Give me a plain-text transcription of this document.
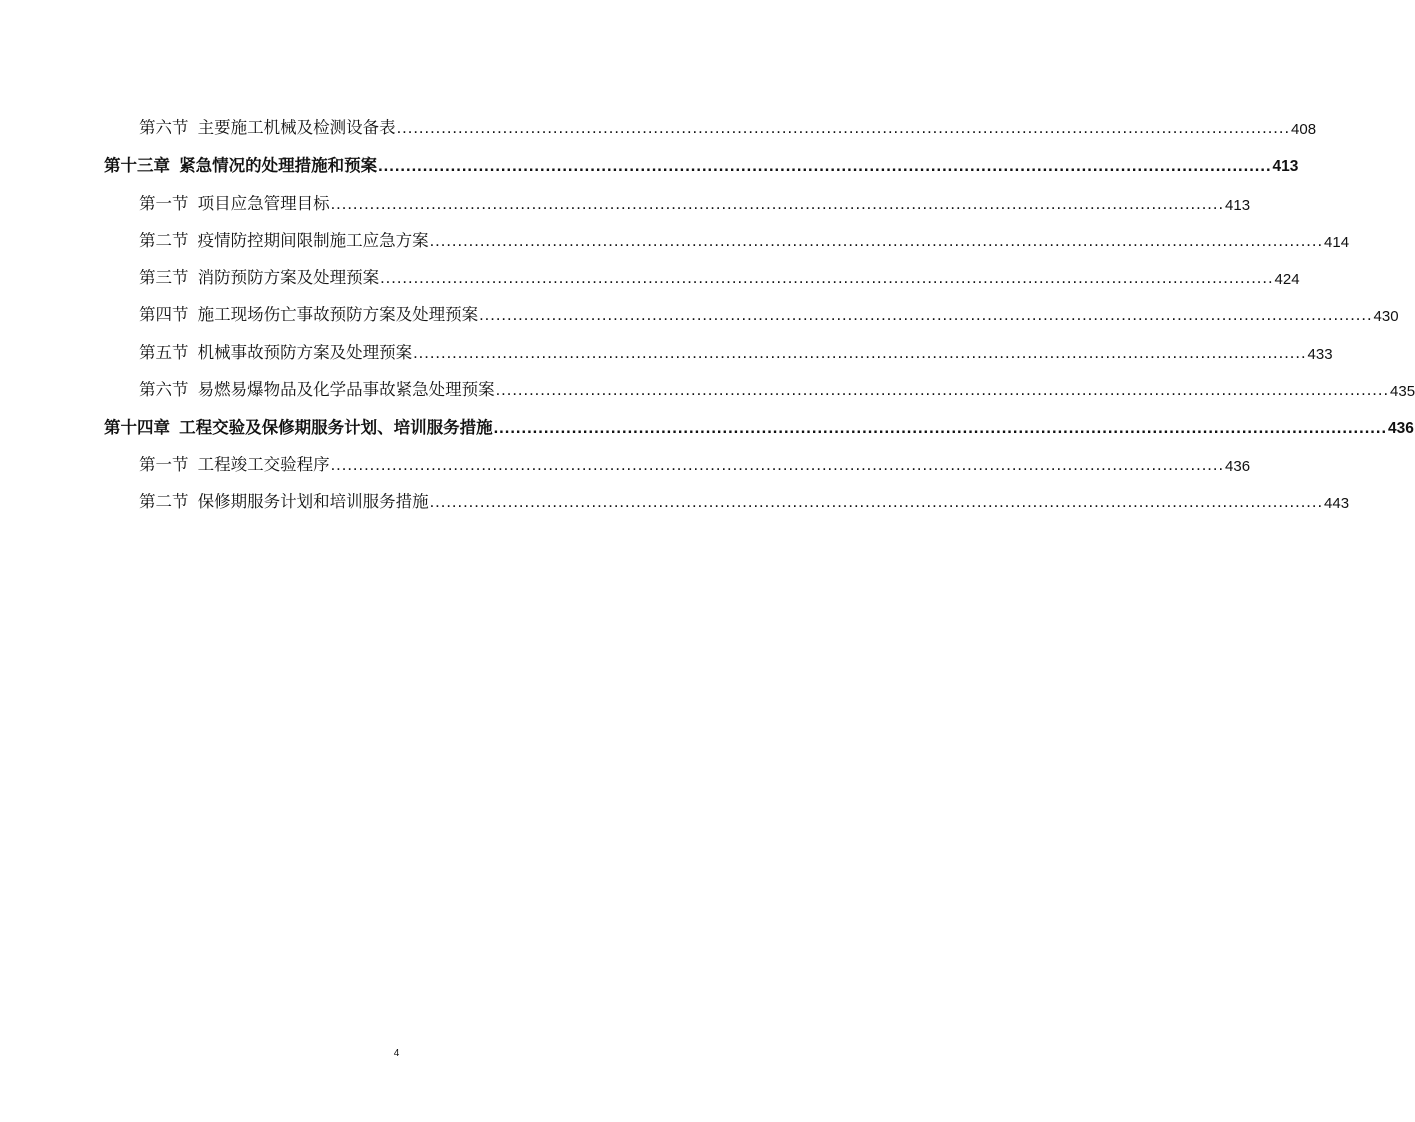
第六节 主要施工机械及检测设备表 ................................................................................................................................................................ 408
第十三章 紧急情况的处理措施和预案 ................................................................................................................................................................ 413
第一节 项目应急管理目标 ................................................................................................................................................................ 413
第二节 疫情防控期间限制施工应急方案 ................................................................................................................................................................ 414
第三节 消防预防方案及处理预案 ................................................................................................................................................................ 424
第四节 施工现场伤亡事故预防方案及处理预案 ................................................................................................................................................................ 430
第五节 机械事故预防方案及处理预案 ................................................................................................................................................................ 433
第六节 易燃易爆物品及化学品事故紧急处理预案 ................................................................................................................................................................ 435
第十四章 工程交验及保修期服务计划、培训服务措施 ................................................................................................................................................................ 436
第一节 工程竣工交验程序 ................................................................................................................................................................ 436
第二节 保修期服务计划和培训服务措施 ................................................................................................................................................................ 443
4
